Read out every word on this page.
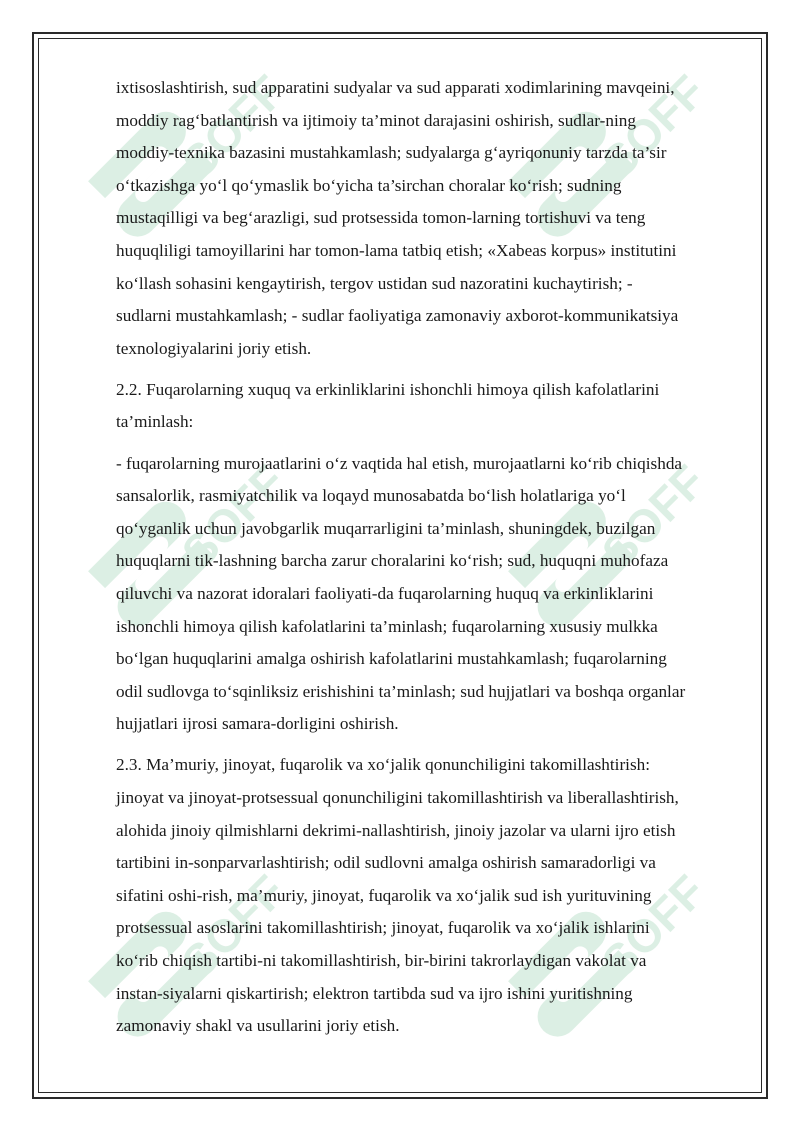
SOFF	SOFF
SOFF	SOFF
SOFF	SOFF
ixtisoslashtirish, sud apparatini sudyalar va sud apparati xodimlarining mavqeini,
moddiy rag‘batlantirish va ijtimoiy ta’minot darajasini oshirish, sudlar-ning
moddiy-texnika bazasini mustahkamlash; sudyalarga g‘ayriqonuniy tarzda ta’sir
o‘tkazishga yo‘l qo‘ymaslik bo‘yicha ta’sirchan choralar ko‘rish; sudning
mustaqilligi va beg‘arazligi, sud protsessida tomon-larning tortishuvi va teng
huquqliligi tamoyillarini har tomon-lama tatbiq etish; «Xabeas korpus» institutini
ko‘llash sohasini kengaytirish, tergov ustidan sud nazoratini kuchaytirish; -
sudlarni mustahkamlash; - sudlar faoliyatiga zamonaviy axborot-kommunikatsiya
texnologiyalarini joriy etish.
2.2. Fuqarolarning xuquq va erkinliklarini ishonchli himoya qilish kafolatlarini
ta’minlash:
- fuqarolarning murojaatlarini o‘z vaqtida hal etish, murojaatlarni ko‘rib chiqishda
sansalorlik, rasmiyatchilik va loqayd munosabatda bo‘lish holatlariga yo‘l
qo‘yganlik uchun javobgarlik muqarrarligini ta’minlash, shuningdek, buzilgan
huquqlarni tik-lashning barcha zarur choralarini ko‘rish; sud, huquqni muhofaza
qiluvchi va nazorat idoralari faoliyati-da fuqarolarning huquq va erkinliklarini
ishonchli himoya qilish kafolatlarini ta’minlash; fuqarolarning xususiy mulkka
bo‘lgan huquqlarini amalga oshirish kafolatlarini mustahkamlash; fuqarolarning
odil sudlovga to‘sqinliksiz erishishini ta’minlash; sud hujjatlari va boshqa organlar
hujjatlari ijrosi samara-dorligini oshirish.
2.3. Ma’muriy, jinoyat, fuqarolik va xo‘jalik qonunchiligini takomillashtirish:
jinoyat va jinoyat-protsessual qonunchiligini takomillashtirish va liberallashtirish,
alohida jinoiy qilmishlarni dekrimi-nallashtirish, jinoiy jazolar va ularni ijro etish
tartibini in-sonparvarlashtirish; odil sudlovni amalga oshirish samaradorligi va
sifatini oshi-rish, ma’muriy, jinoyat, fuqarolik va xo‘jalik sud ish yurituvining
protsessual asoslarini takomillashtirish; jinoyat, fuqarolik va xo‘jalik ishlarini
ko‘rib chiqish tartibi-ni takomillashtirish, bir-birini takrorlaydigan vakolat va
instan-siyalarni qiskartirish; elektron tartibda sud va ijro ishini yuritishning
zamonaviy shakl va usullarini joriy etish.
